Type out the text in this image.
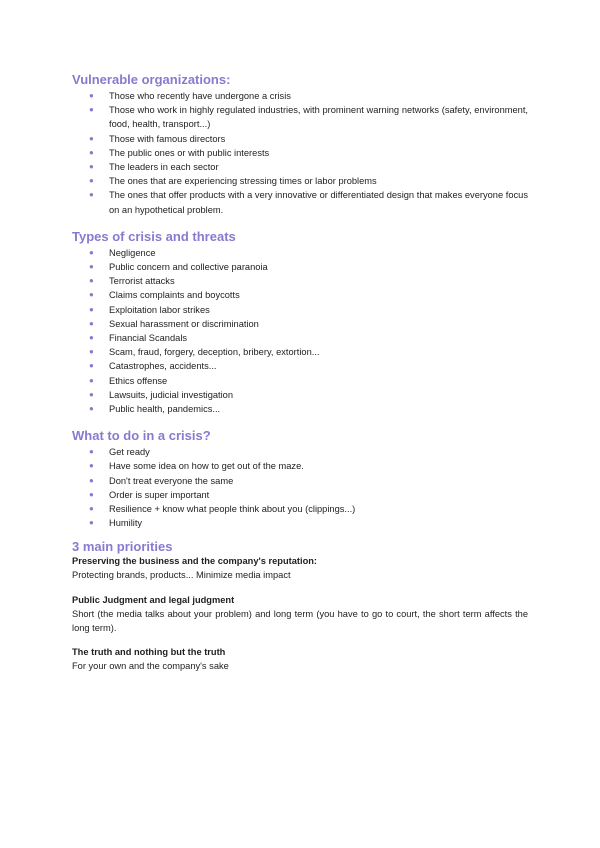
Vulnerable organizations:
● Those who recently have undergone a crisis
● Those who work in highly regulated industries, with prominent warning networks (safety, environment, food, health, transport...)
● Those with famous directors
● The public ones or with public interests
● The leaders in each sector
● The ones that are experiencing stressing times or labor problems
● The ones that offer products with a very innovative or differentiated design that makes everyone focus on an hypothetical problem.
Types of crisis and threats
● Negligence
● Public concern and collective paranoia
● Terrorist attacks
● Claims complaints and boycotts
● Exploitation labor strikes
● Sexual harassment or discrimination
● Financial Scandals
● Scam, fraud, forgery, deception, bribery, extortion...
● Catastrophes, accidents...
● Ethics offense
● Lawsuits, judicial investigation
● Public health, pandemics...
What to do in a crisis?
● Get ready
● Have some idea on how to get out of the maze.
● Don't treat everyone the same
● Order is super important
● Resilience + know what people think about you (clippings...)
● Humility
3 main priorities

Preserving the business and the company's reputation:

Protecting brands, products... Minimize media impact

Public Judgment and legal judgment

Short (the media talks about your problem) and long term (you have to go to court, the short term affects the long term).

The truth and nothing but the truth

For your own and the company's sake
